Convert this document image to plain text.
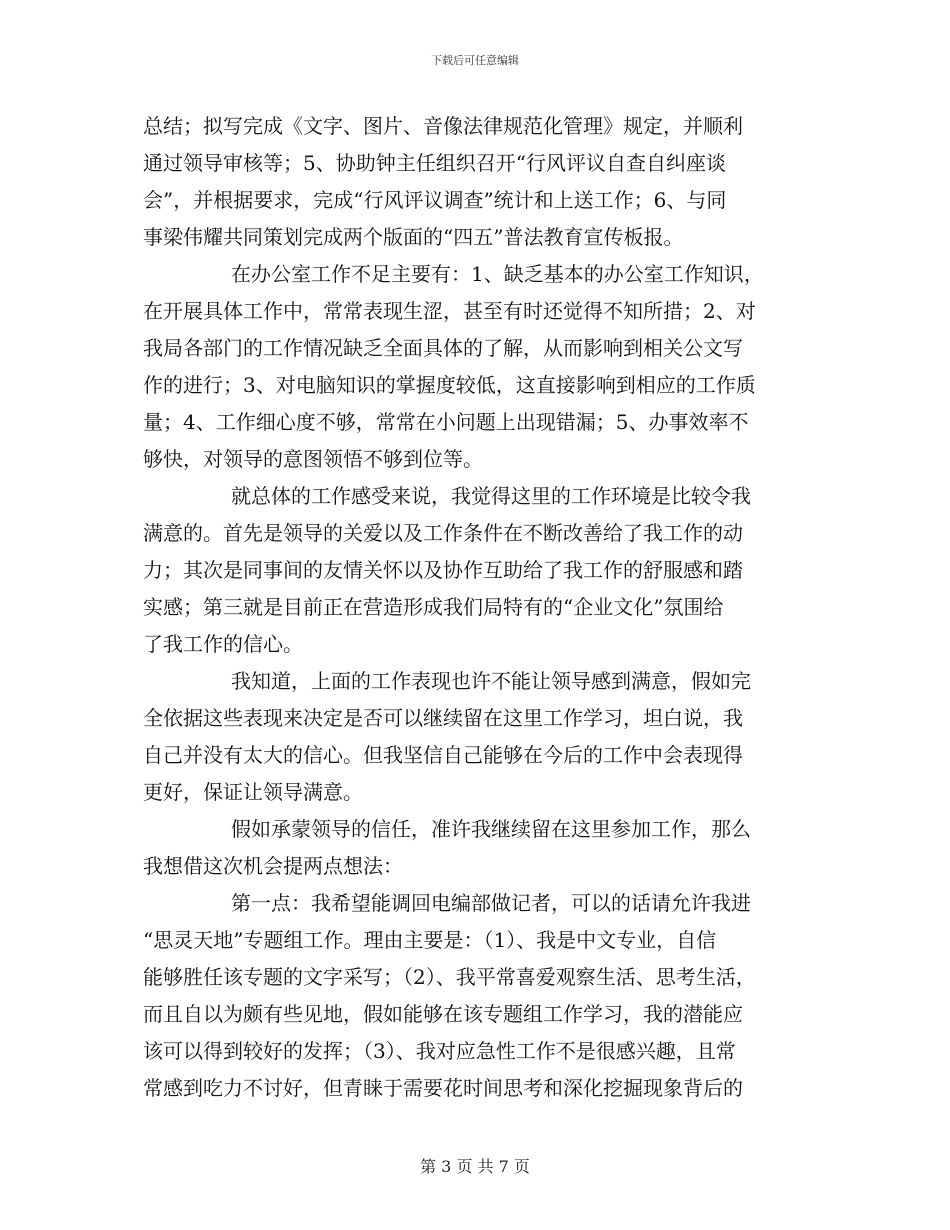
下载后可任意编辑
总结；拟写完成《文字、图片、音像法律规范化管理》规定，并顺利
通过领导审核等；5、协助钟主任组织召开“行风评议自查自纠座谈
会”，并根据要求，完成“行风评议调查”统计和上送工作；6、与同
事梁伟耀共同策划完成两个版面的“四五”普法教育宣传板报。
在办公室工作不足主要有：1、缺乏基本的办公室工作知识，
在开展具体工作中，常常表现生涩，甚至有时还觉得不知所措；2、对
我局各部门的工作情况缺乏全面具体的了解，从而影响到相关公文写
作的进行；3、对电脑知识的掌握度较低，这直接影响到相应的工作质
量；4、工作细心度不够，常常在小问题上出现错漏；5、办事效率不
够快，对领导的意图领悟不够到位等。
就总体的工作感受来说，我觉得这里的工作环境是比较令我
满意的。首先是领导的关爱以及工作条件在不断改善给了我工作的动
力；其次是同事间的友情关怀以及协作互助给了我工作的舒服感和踏
实感；第三就是目前正在营造形成我们局特有的“企业文化”氛围给
了我工作的信心。
我知道，上面的工作表现也许不能让领导感到满意，假如完
全依据这些表现来决定是否可以继续留在这里工作学习，坦白说，我
自己并没有太大的信心。但我坚信自己能够在今后的工作中会表现得
更好，保证让领导满意。
假如承蒙领导的信任，准许我继续留在这里参加工作，那么
我想借这次机会提两点想法：
第一点：我希望能调回电编部做记者，可以的话请允许我进
“思灵天地”专题组工作。理由主要是：（1）、我是中文专业，自信
能够胜任该专题的文字采写；（2）、我平常喜爱观察生活、思考生活，
而且自以为颇有些见地，假如能够在该专题组工作学习，我的潜能应
该可以得到较好的发挥；（3）、我对应急性工作不是很感兴趣，且常
常感到吃力不讨好，但青睐于需要花时间思考和深化挖掘现象背后的
第 3 页 共 7 页
